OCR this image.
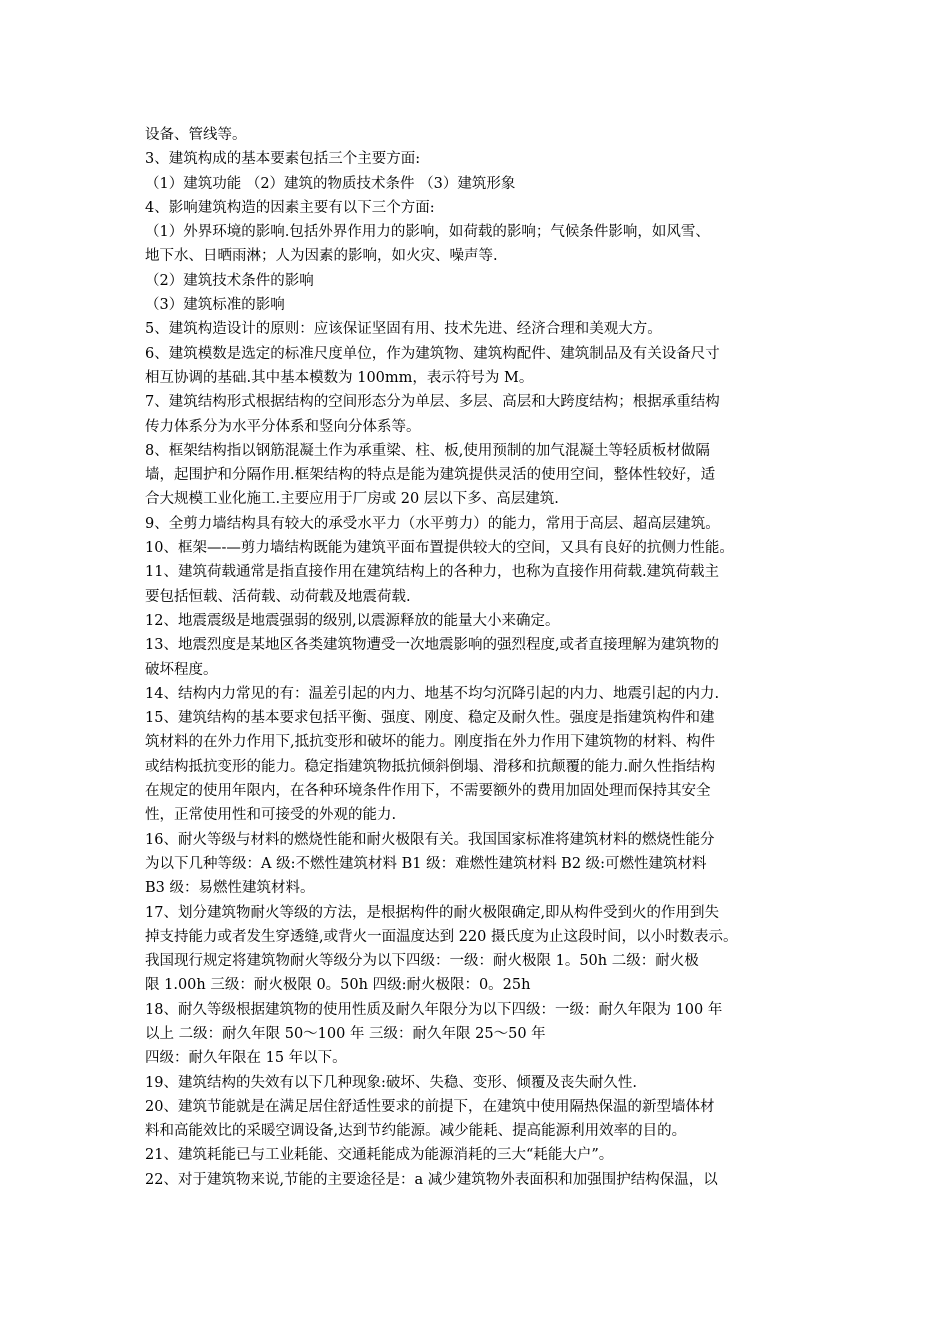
设备、管线等。
3、建筑构成的基本要素包括三个主要方面:
（1）建筑功能 （2）建筑的物质技术条件 （3）建筑形象
4、影响建筑构造的因素主要有以下三个方面:
（1）外界环境的影响.包括外界作用力的影响，如荷载的影响；气候条件影响，如风雪、
地下水、日晒雨淋；人为因素的影响，如火灾、噪声等.
（2）建筑技术条件的影响
（3）建筑标准的影响
5、建筑构造设计的原则：应该保证坚固有用、技术先进、经济合理和美观大方。
6、建筑模数是选定的标准尺度单位，作为建筑物、建筑构配件、建筑制品及有关设备尺寸
相互协调的基础.其中基本模数为 100mm，表示符号为 M。
7、建筑结构形式根据结构的空间形态分为单层、多层、高层和大跨度结构；根据承重结构
传力体系分为水平分体系和竖向分体系等。
8、框架结构指以钢筋混凝土作为承重梁、柱、板,使用预制的加气混凝土等轻质板材做隔
墙，起围护和分隔作用.框架结构的特点是能为建筑提供灵活的使用空间，整体性较好，适
合大规模工业化施工.主要应用于厂房或 20 层以下多、高层建筑.
9、全剪力墙结构具有较大的承受水平力（水平剪力）的能力，常用于高层、超高层建筑。
10、框架—-—剪力墙结构既能为建筑平面布置提供较大的空间，又具有良好的抗侧力性能。
11、建筑荷载通常是指直接作用在建筑结构上的各种力，也称为直接作用荷载.建筑荷载主
要包括恒载、活荷载、动荷载及地震荷载.
12、地震震级是地震强弱的级别,以震源释放的能量大小来确定。
13、地震烈度是某地区各类建筑物遭受一次地震影响的强烈程度,或者直接理解为建筑物的
破坏程度。
14、结构内力常见的有：温差引起的内力、地基不均匀沉降引起的内力、地震引起的内力.
15、建筑结构的基本要求包括平衡、强度、刚度、稳定及耐久性。强度是指建筑构件和建
筑材料的在外力作用下,抵抗变形和破坏的能力。刚度指在外力作用下建筑物的材料、构件
或结构抵抗变形的能力。稳定指建筑物抵抗倾斜倒塌、滑移和抗颠覆的能力.耐久性指结构
在规定的使用年限内，在各种环境条件作用下，不需要额外的费用加固处理而保持其安全
性，正常使用性和可接受的外观的能力.
16、耐火等级与材料的燃烧性能和耐火极限有关。我国国家标准将建筑材料的燃烧性能分
为以下几种等级：A 级:不燃性建筑材料 B1 级：难燃性建筑材料 B2 级:可燃性建筑材料
B3 级：易燃性建筑材料。
17、划分建筑物耐火等级的方法，是根据构件的耐火极限确定,即从构件受到火的作用到失
掉支持能力或者发生穿透缝,或背火一面温度达到 220 摄氏度为止这段时间，以小时数表示。
我国现行规定将建筑物耐火等级分为以下四级：一级：耐火极限 1。50h 二级：耐火极
限 1.00h 三级：耐火极限 0。50h 四级:耐火极限：0。25h
18、耐久等级根据建筑物的使用性质及耐久年限分为以下四级：一级：耐久年限为 100 年
以上 二级：耐久年限 50～100 年 三级：耐久年限 25～50 年
四级：耐久年限在 15 年以下。
19、建筑结构的失效有以下几种现象:破坏、失稳、变形、倾覆及丧失耐久性.
20、建筑节能就是在满足居住舒适性要求的前提下，在建筑中使用隔热保温的新型墙体材
料和高能效比的采暖空调设备,达到节约能源。减少能耗、提高能源利用效率的目的。
21、建筑耗能已与工业耗能、交通耗能成为能源消耗的三大“耗能大户”。
22、对于建筑物来说,节能的主要途径是：a 减少建筑物外表面积和加强围护结构保温，以
